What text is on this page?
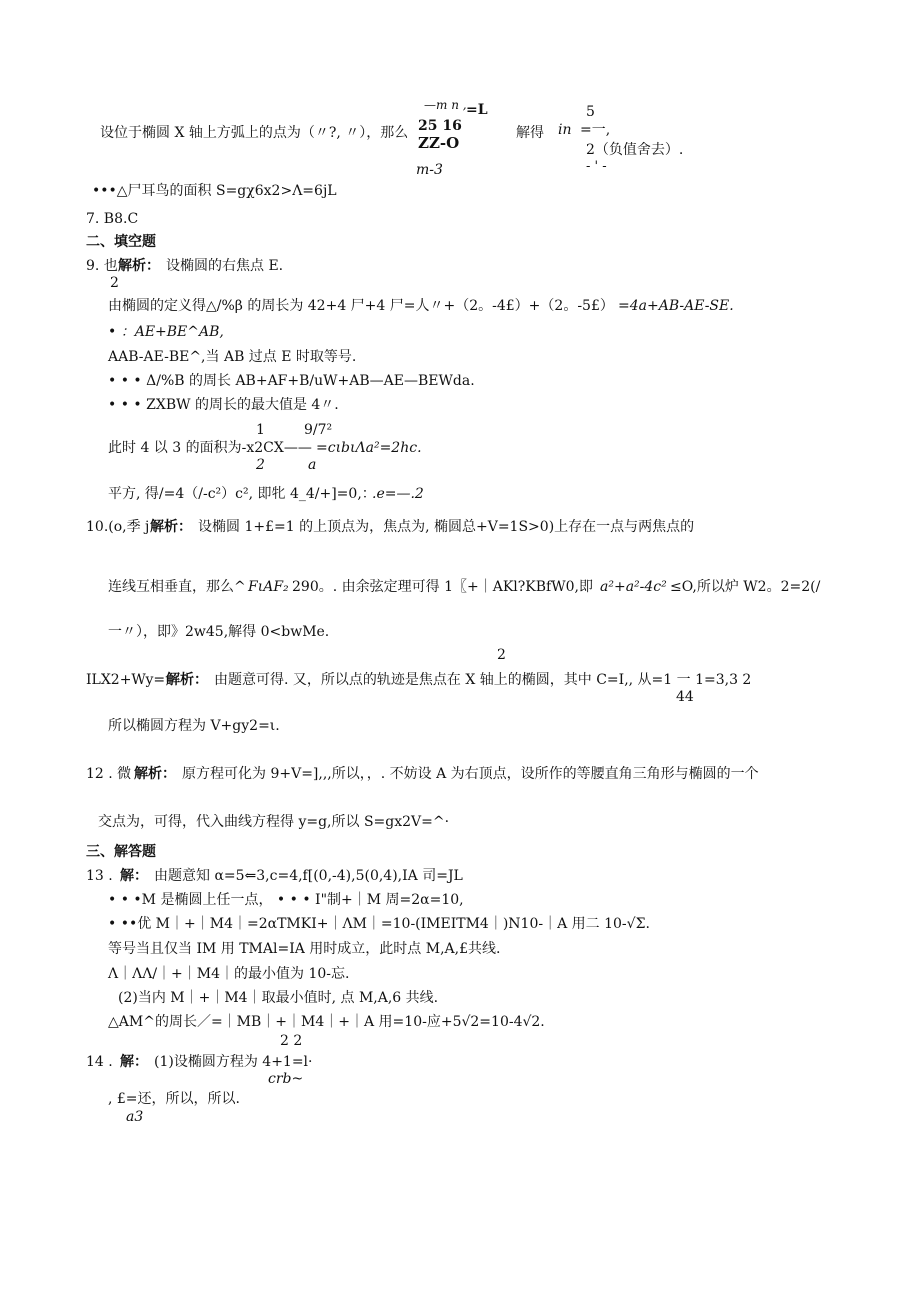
—m n , =L
25 16
ZZ-O
m-3
5
设位于椭圆 X 轴上方弧上的点为（〃?, 〃），那么	解得 in =一,
2（负值舍去）.
- ' -
•••△尸耳鸟的面积 S=gχ6x2>Λ=6jL
7. B8.C
二、填空题
9. 也 解析： 设椭圆的右焦点 E.
2
由椭圆的定义得△/%β 的周长为 42+4 尸+4 尸=人〃+（2。-4£）+（2。-5£） =4a+AB-AE-SE.
• ：AE+BE^AB,
AAB-AE-BE^,当 AB 过点 E 时取等号.
• • • Δ/%B 的周长 AB+AF+B/uW+AB—AE—BEWda.
• • • ZXBW 的周长的最大值是 4〃.
1	9/7²
此时 4 以 3 的面积为-x2CX—— =cιbιΛa²=2hc.
2	a
平方, 得/=4（/-c²）c², 即牝 4_4/+]=0,：
.e=—.2
10.(o,季 j 解析： 设椭圆 1+£=1 的上顶点为，焦点为, 椭圆总+V=1S>0)上存在一点与两焦点的
连线互相垂直，那么^ FιAF₂ 290。. 由余弦定理可得 1〖+｜AKl?KBfW0,即 a²+a²-4c² ≤O,所以炉 W2。2=2(/
一〃），即》2w45,解得 0<bwMe.
2
ILX2+Wy=ι
解析： 由题意可得. 又，所以点的轨迹是焦点在 X 轴上的椭圆，其中 C=I,, 从=1 一 1=3,3 2
44
所以椭圆方程为 V+gy2=ι.
12 . 微 解析： 原方程可化为 9+V=],,,所以，，. 不妨设 A 为右顶点，设所作的等腰直角三角形与椭圆的一个
交点为，可得，代入曲线方程得 y=g,所以 S=gx2V=^·
三、解答题
13 . 解： 由题意知 α=5⇐3,c=4,f[(0,-4),5(0,4),IA 司=JL
• • •M 是椭圆上任一点， • • • I"制+｜M 周=2α=10,
• ••优 M｜+｜M4｜=2αTMKI+｜ΛM｜=10-(IMEITM4｜)N10-｜A 用二 10-√Σ.
等号当且仅当 IM 用 TMAl=IA 用时成立，此时点 M,A,£共线.
Λ｜ΛΛ/｜+｜M4｜的最小值为 10-忘.
(2)当内 M｜+｜M4｜取最小值时, 点 M,A,6 共线.
△AM^的周长／=｜MB｜+｜M4｜+｜A 用=10-应+5√2=10-4√2.
2 2
14 . 解： (1)设椭圆方程为 4+1=l·
crb~
, £=还，所以，所以.
a3
